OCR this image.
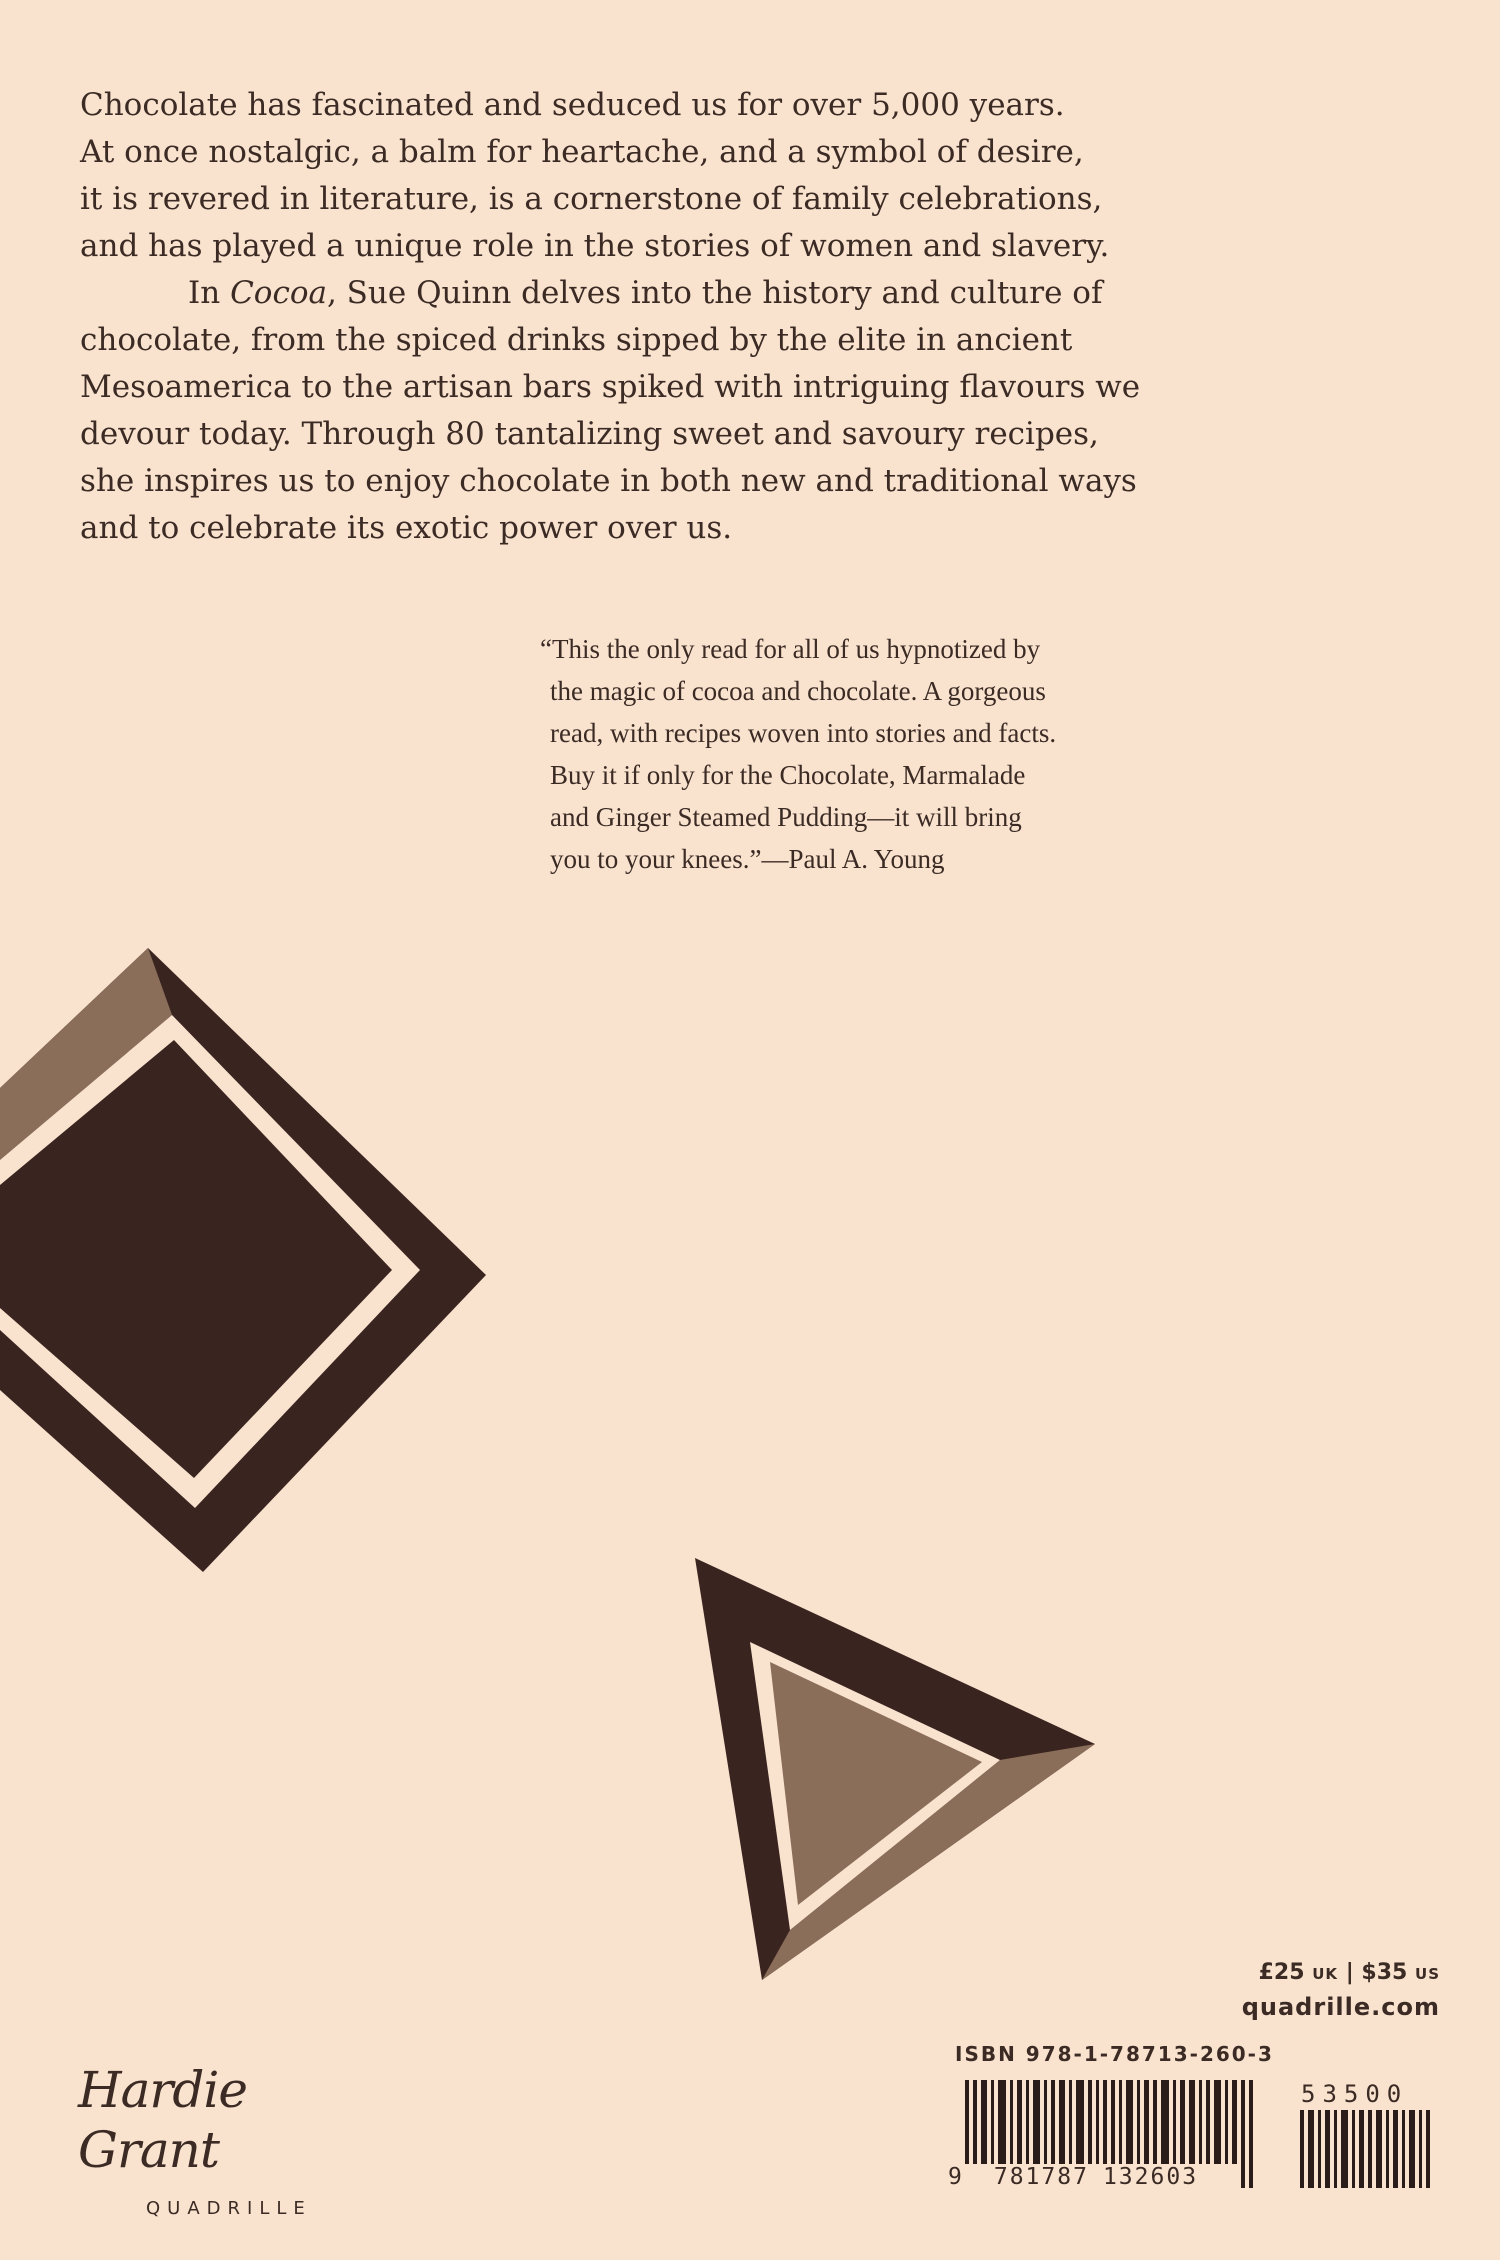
Chocolate has fascinated and seduced us for over 5,000 years.
At once nostalgic, a balm for heartache, and a symbol of desire,
it is revered in literature, is a cornerstone of family celebrations,
and has played a unique role in the stories of women and slavery.

In Cocoa, Sue Quinn delves into the history and culture of
chocolate, from the spiced drinks sipped by the elite in ancient
Mesoamerica to the artisan bars spiked with intriguing flavours we
devour today. Through 80 tantalizing sweet and savoury recipes,
she inspires us to enjoy chocolate in both new and traditional ways
and to celebrate its exotic power over us.

“This the only read for all of us hypnotized by
the magic of cocoa and chocolate. A gorgeous
read, with recipes woven into stories and facts.
Buy it if only for the Chocolate, Marmalade
and Ginger Steamed Pudding—it will bring
you to your knees.”—Paul A. Young
£25 UK | $35 US
quadrille.com
ISBN 978-1-78713-260-3
53500
9 781787 132603
Hardie Grant
QUADRILLE
